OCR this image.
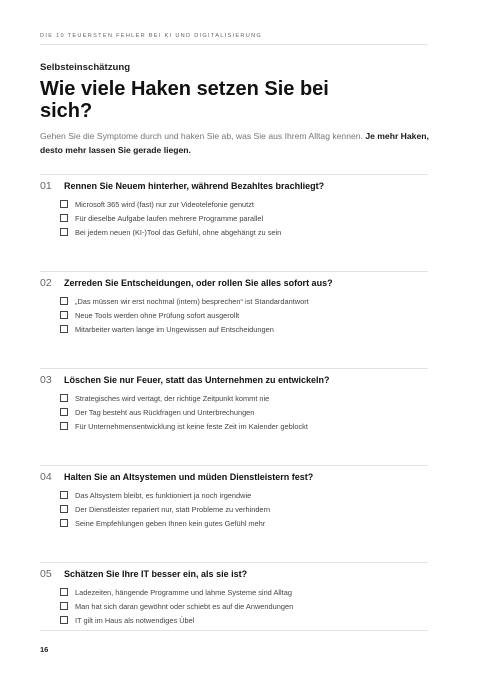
DIE 10 TEUERSTEN FEHLER BEI KI UND DIGITALISIERUNG
Selbsteinschätzung
Wie viele Haken setzen Sie bei sich?
Gehen Sie die Symptome durch und haken Sie ab, was Sie aus Ihrem Alltag kennen. Je mehr Haken, desto mehr lassen Sie gerade liegen.
01	Rennen Sie Neuem hinterher, während Bezahltes brachliegt?
Microsoft 365 wird (fast) nur zur Videotelefonie genutzt
Für dieselbe Aufgabe laufen mehrere Programme parallel
Bei jedem neuen (KI-)Tool das Gefühl, ohne abgehängt zu sein
02	Zerreden Sie Entscheidungen, oder rollen Sie alles sofort aus?
„Das müssen wir erst nochmal (intern) besprechen“ ist Standardantwort
Neue Tools werden ohne Prüfung sofort ausgerollt
Mitarbeiter warten lange im Ungewissen auf Entscheidungen
03	Löschen Sie nur Feuer, statt das Unternehmen zu entwickeln?
Strategisches wird vertagt, der richtige Zeitpunkt kommt nie
Der Tag besteht aus Rückfragen und Unterbrechungen
Für Unternehmensentwicklung ist keine feste Zeit im Kalender geblockt
04	Halten Sie an Altsystemen und müden Dienstleistern fest?
Das Altsystem bleibt, es funktioniert ja noch irgendwie
Der Dienstleister repariert nur, statt Probleme zu verhindern
Seine Empfehlungen geben Ihnen kein gutes Gefühl mehr
05	Schätzen Sie Ihre IT besser ein, als sie ist?
Ladezeiten, hängende Programme und lahme Systeme sind Alltag
Man hat sich daran gewöhnt oder schiebt es auf die Anwendungen
IT gilt im Haus als notwendiges Übel
16
